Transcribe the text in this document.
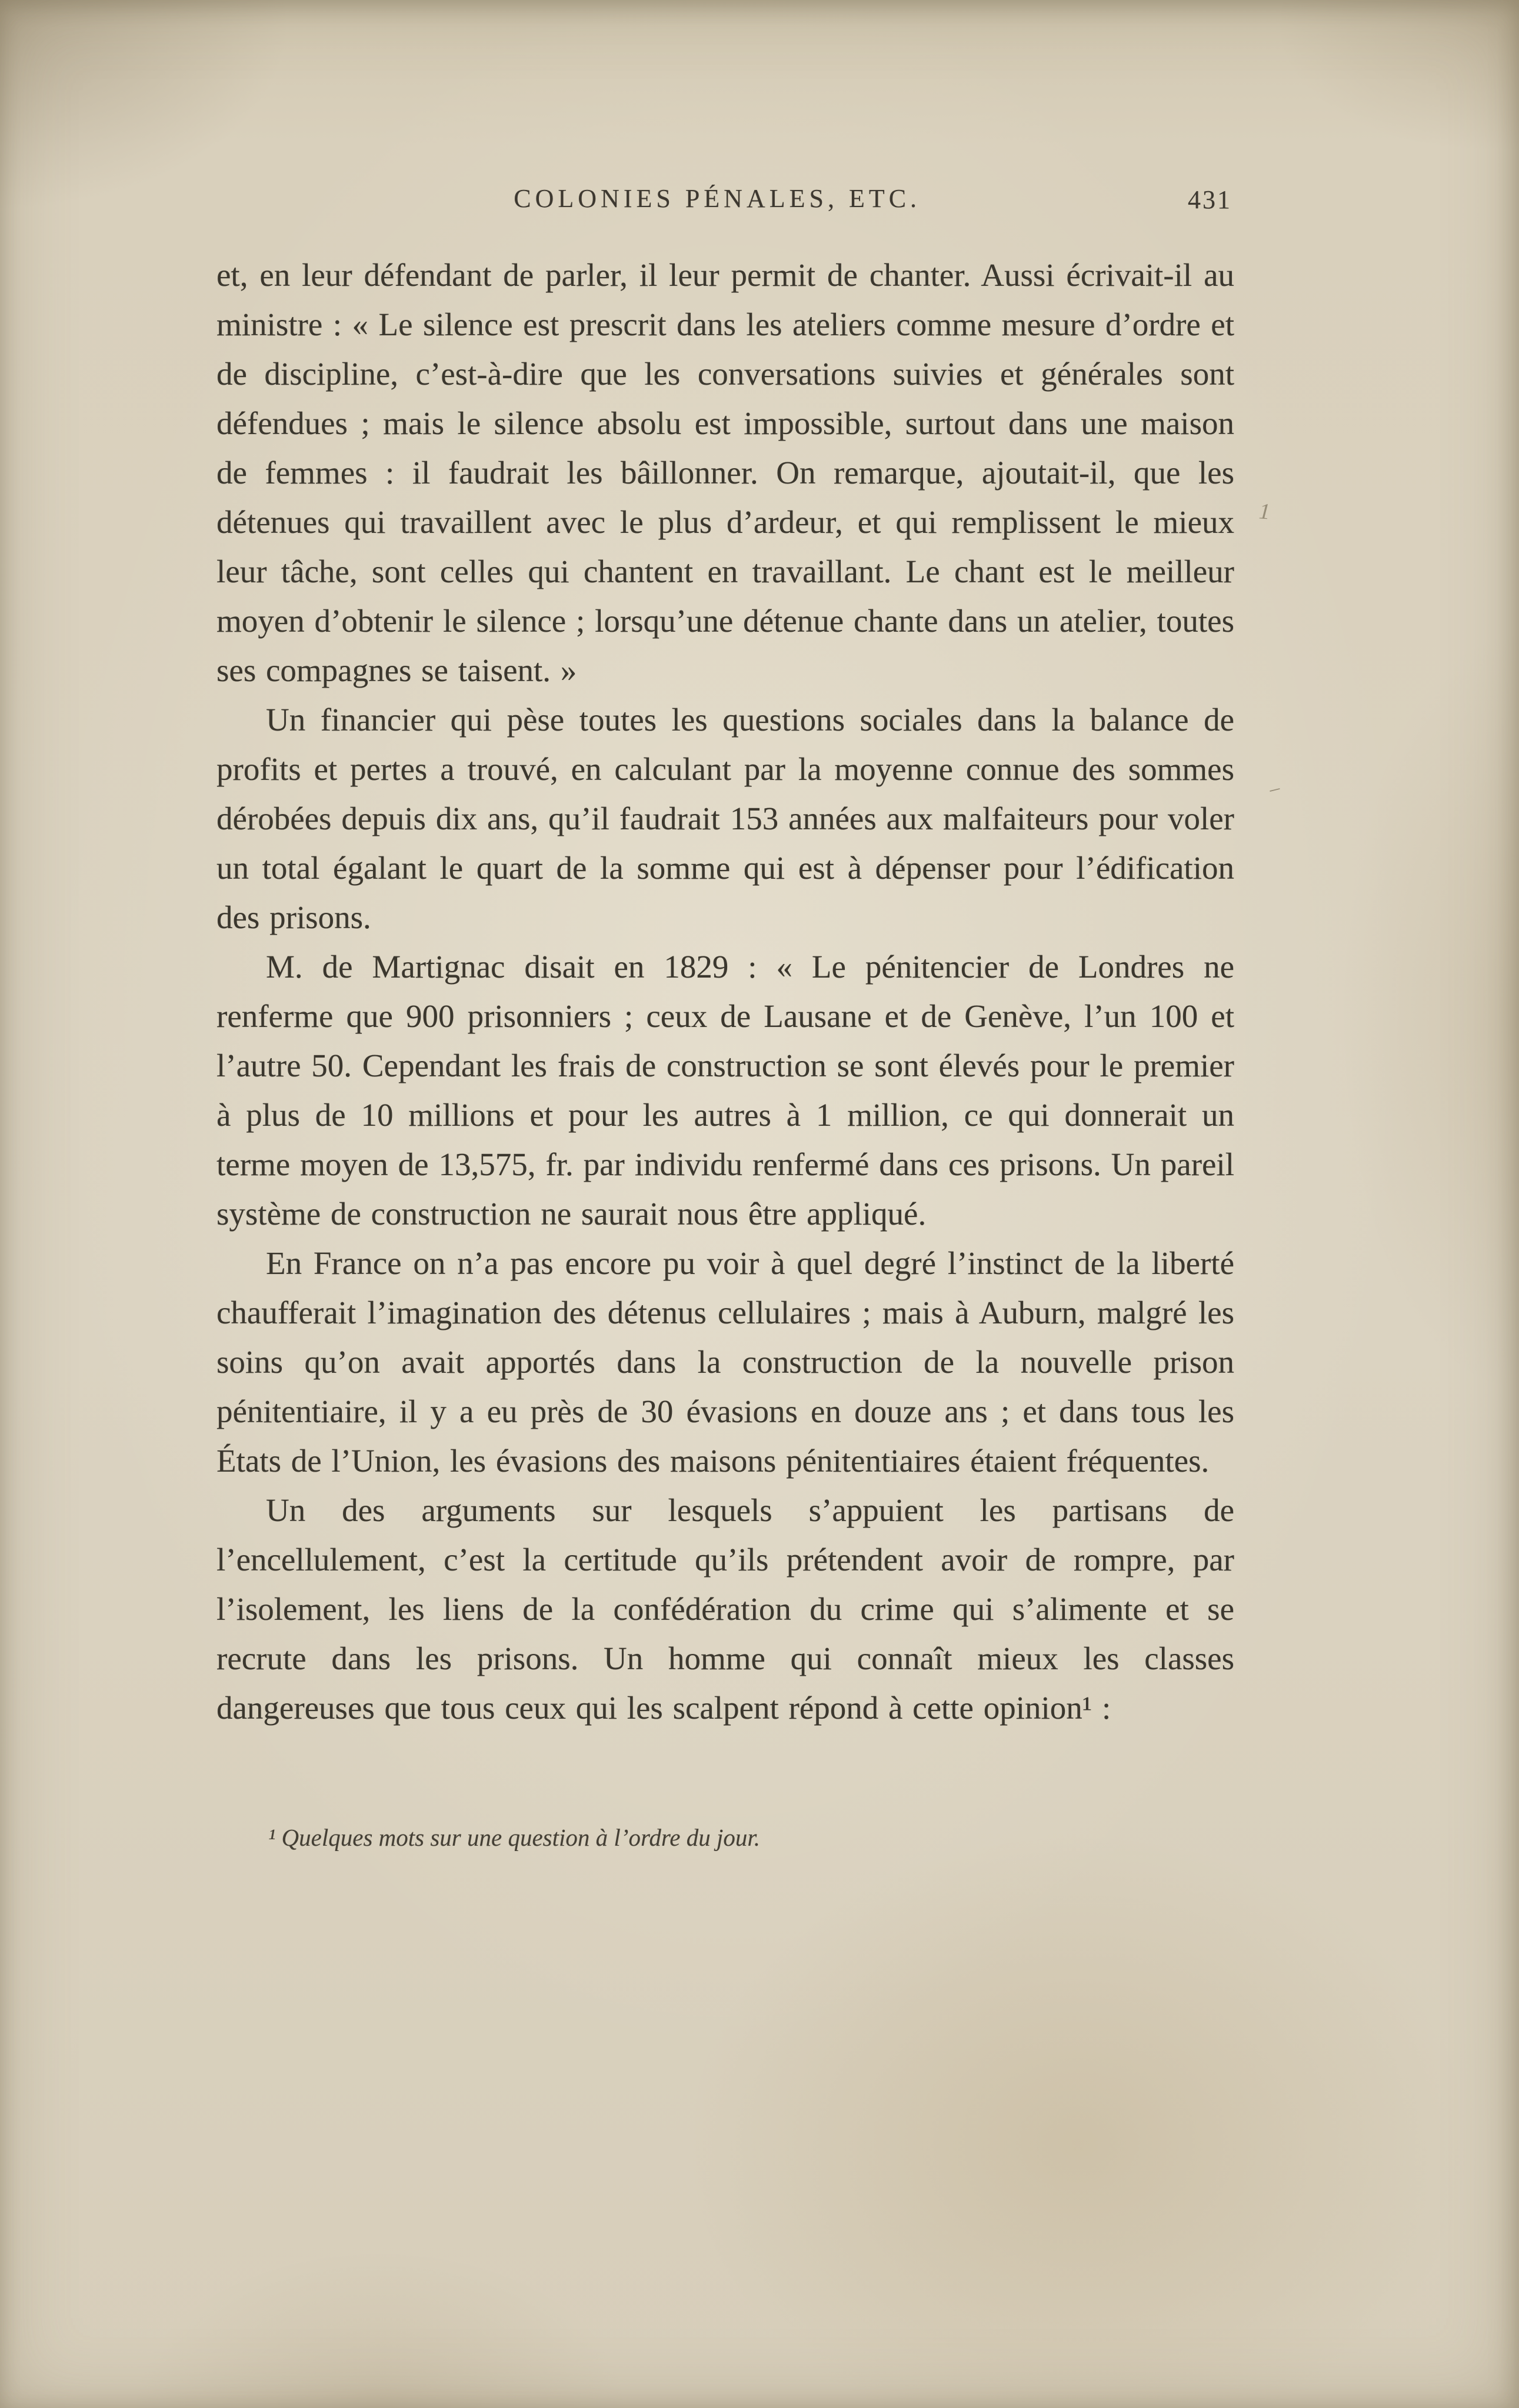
COLONIES PÉNALES, ETC.	431

et, en leur défendant de parler, il leur permit de chanter. Aussi écrivait-il au ministre : « Le silence est prescrit dans les ateliers comme mesure d’ordre et de discipline, c’est-à-dire que les conversations suivies et générales sont défendues ; mais le silence absolu est impossible, surtout dans une maison de femmes : il faudrait les bâillonner. On remarque, ajoutait-il, que les détenues qui travaillent avec le plus d’ardeur, et qui remplissent le mieux leur tâche, sont celles qui chantent en travaillant. Le chant est le meilleur moyen d’obtenir le silence ; lorsqu’une détenue chante dans un atelier, toutes ses compagnes se taisent. »

Un financier qui pèse toutes les questions sociales dans la balance de profits et pertes a trouvé, en calculant par la moyenne connue des sommes dérobées depuis dix ans, qu’il faudrait 153 années aux malfaiteurs pour voler un total égalant le quart de la somme qui est à dépenser pour l’édification des prisons.

M. de Martignac disait en 1829 : « Le pénitencier de Londres ne renferme que 900 prisonniers ; ceux de Lausane et de Genève, l’un 100 et l’autre 50. Cependant les frais de construction se sont élevés pour le premier à plus de 10 millions et pour les autres à 1 million, ce qui donnerait un terme moyen de 13,575, fr. par individu renfermé dans ces prisons. Un pareil système de construction ne saurait nous être appliqué.

En France on n’a pas encore pu voir à quel degré l’instinct de la liberté chaufferait l’imagination des détenus cellulaires ; mais à Auburn, malgré les soins qu’on avait apportés dans la construction de la nouvelle prison pénitentiaire, il y a eu près de 30 évasions en douze ans ; et dans tous les États de l’Union, les évasions des maisons pénitentiaires étaient fréquentes.

Un des arguments sur lesquels s’appuient les partisans de l’encellulement, c’est la certitude qu’ils prétendent avoir de rompre, par l’isolement, les liens de la confédération du crime qui s’alimente et se recrute dans les prisons. Un homme qui connaît mieux les classes dangereuses que tous ceux qui les scalpent répond à cette opinion¹ :

¹ Quelques mots sur une question à l’ordre du jour.
1
–
